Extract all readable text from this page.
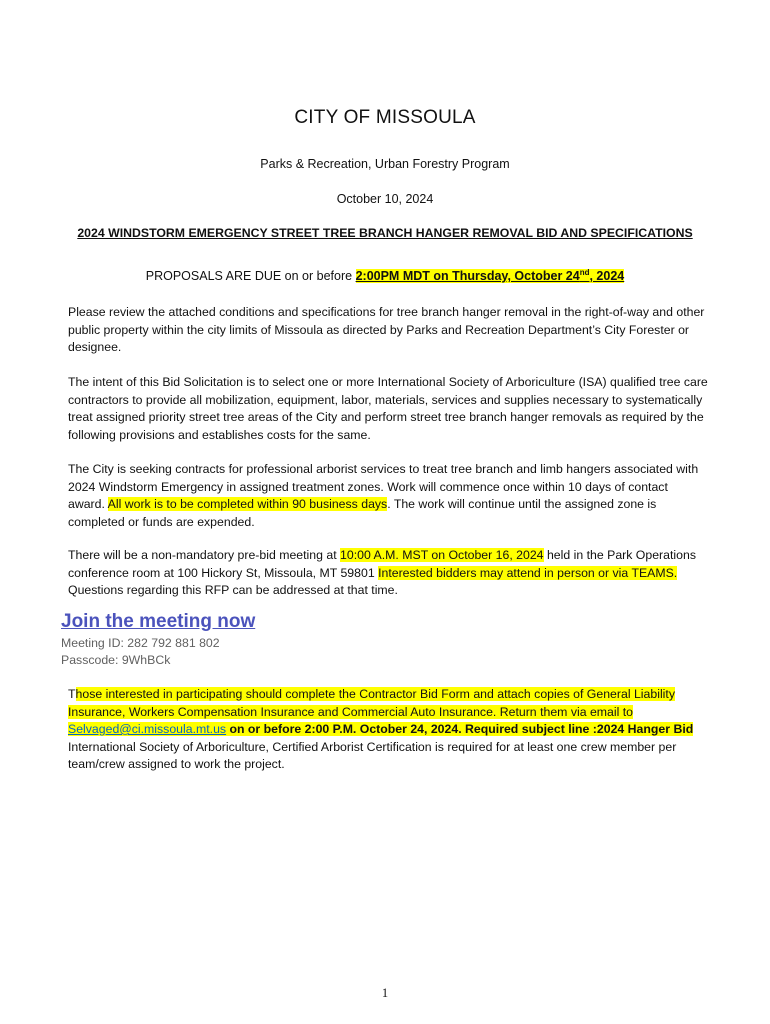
CITY OF MISSOULA
Parks & Recreation, Urban Forestry Program
October 10, 2024
2024 WINDSTORM EMERGENCY STREET TREE BRANCH HANGER REMOVAL BID AND SPECIFICATIONS
PROPOSALS ARE DUE on or before 2:00PM MDT on Thursday, October 24nd, 2024
Please review the attached conditions and specifications for tree branch hanger removal in the right-of-way and other public property within the city limits of Missoula as directed by Parks and Recreation Department’s City Forester or designee.
The intent of this Bid Solicitation is to select one or more International Society of Arboriculture (ISA) qualified tree care contractors to provide all mobilization, equipment, labor, materials, services and supplies necessary to systematically treat assigned priority street tree areas of the City and perform street tree branch hanger removals as required by the following provisions and establishes costs for the same.
The City is seeking contracts for professional arborist services to treat tree branch and limb hangers associated with 2024 Windstorm Emergency in assigned treatment zones. Work will commence once within 10 days of contact award. All work is to be completed within 90 business days. The work will continue until the assigned zone is completed or funds are expended.
There will be a non-mandatory pre-bid meeting at 10:00 A.M. MST on October 16, 2024 held in the Park Operations conference room at 100 Hickory St, Missoula, MT 59801 Interested bidders may attend in person or via TEAMS. Questions regarding this RFP can be addressed at that time.
Join the meeting now
Meeting ID: 282 792 881 802
Passcode: 9WhBCk
Those interested in participating should complete the Contractor Bid Form and attach copies of General Liability Insurance, Workers Compensation Insurance and Commercial Auto Insurance. Return them via email to Selvaged@ci.missoula.mt.us on or before 2:00 P.M. October 24, 2024. Required subject line :2024 Hanger Bid
International Society of Arboriculture, Certified Arborist Certification is required for at least one crew member per team/crew assigned to work the project.
1
